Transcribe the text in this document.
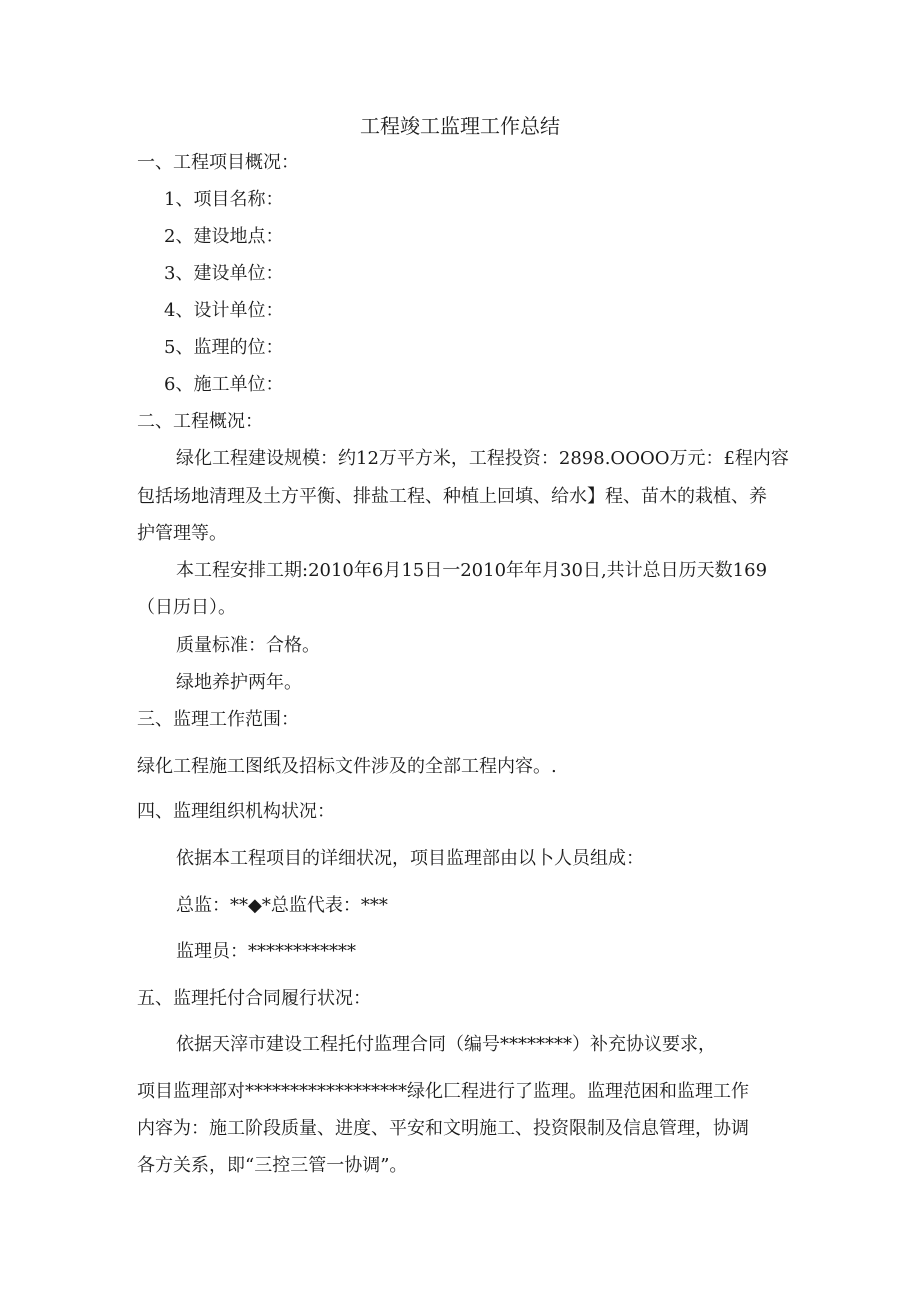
工程竣工监理工作总结
一、工程项目概况：
1、项目名称：
2、建设地点：
3、建设单位：
4、设计单位：
5、监理的位：
6、施工单位：
二、工程概况：
绿化工程建设规模：约12万平方米，工程投资：2898.OOOO万元：£程内容
包括场地清理及土方平衡、排盐工程、种植上回填、给水】程、苗木的栽植、养
护管理等。
本工程安排工期:2010年6月15日一2010年年月30日,共计总日历天数169
（日历日）。
质量标准：合格。
绿地养护两年。
三、监理工作范围：
绿化工程施工图纸及招标文件涉及的全部工程内容。.
四、监理组织机构状况：
依据本工程项目的详细状况，项目监理部由以卜人员组成：
总监：**◆*总监代表：***
监理员：************
五、监理托付合同履行状况：
依据天滓市建设工程托付监理合同（编号********）补充协议要求，
项目监理部对******************绿化匚程进行了监理。监理范困和监理工作
内容为：施工阶段质量、进度、平安和文明施工、投资限制及信息管理，协调
各方关系，即“三控三管一协调”。
